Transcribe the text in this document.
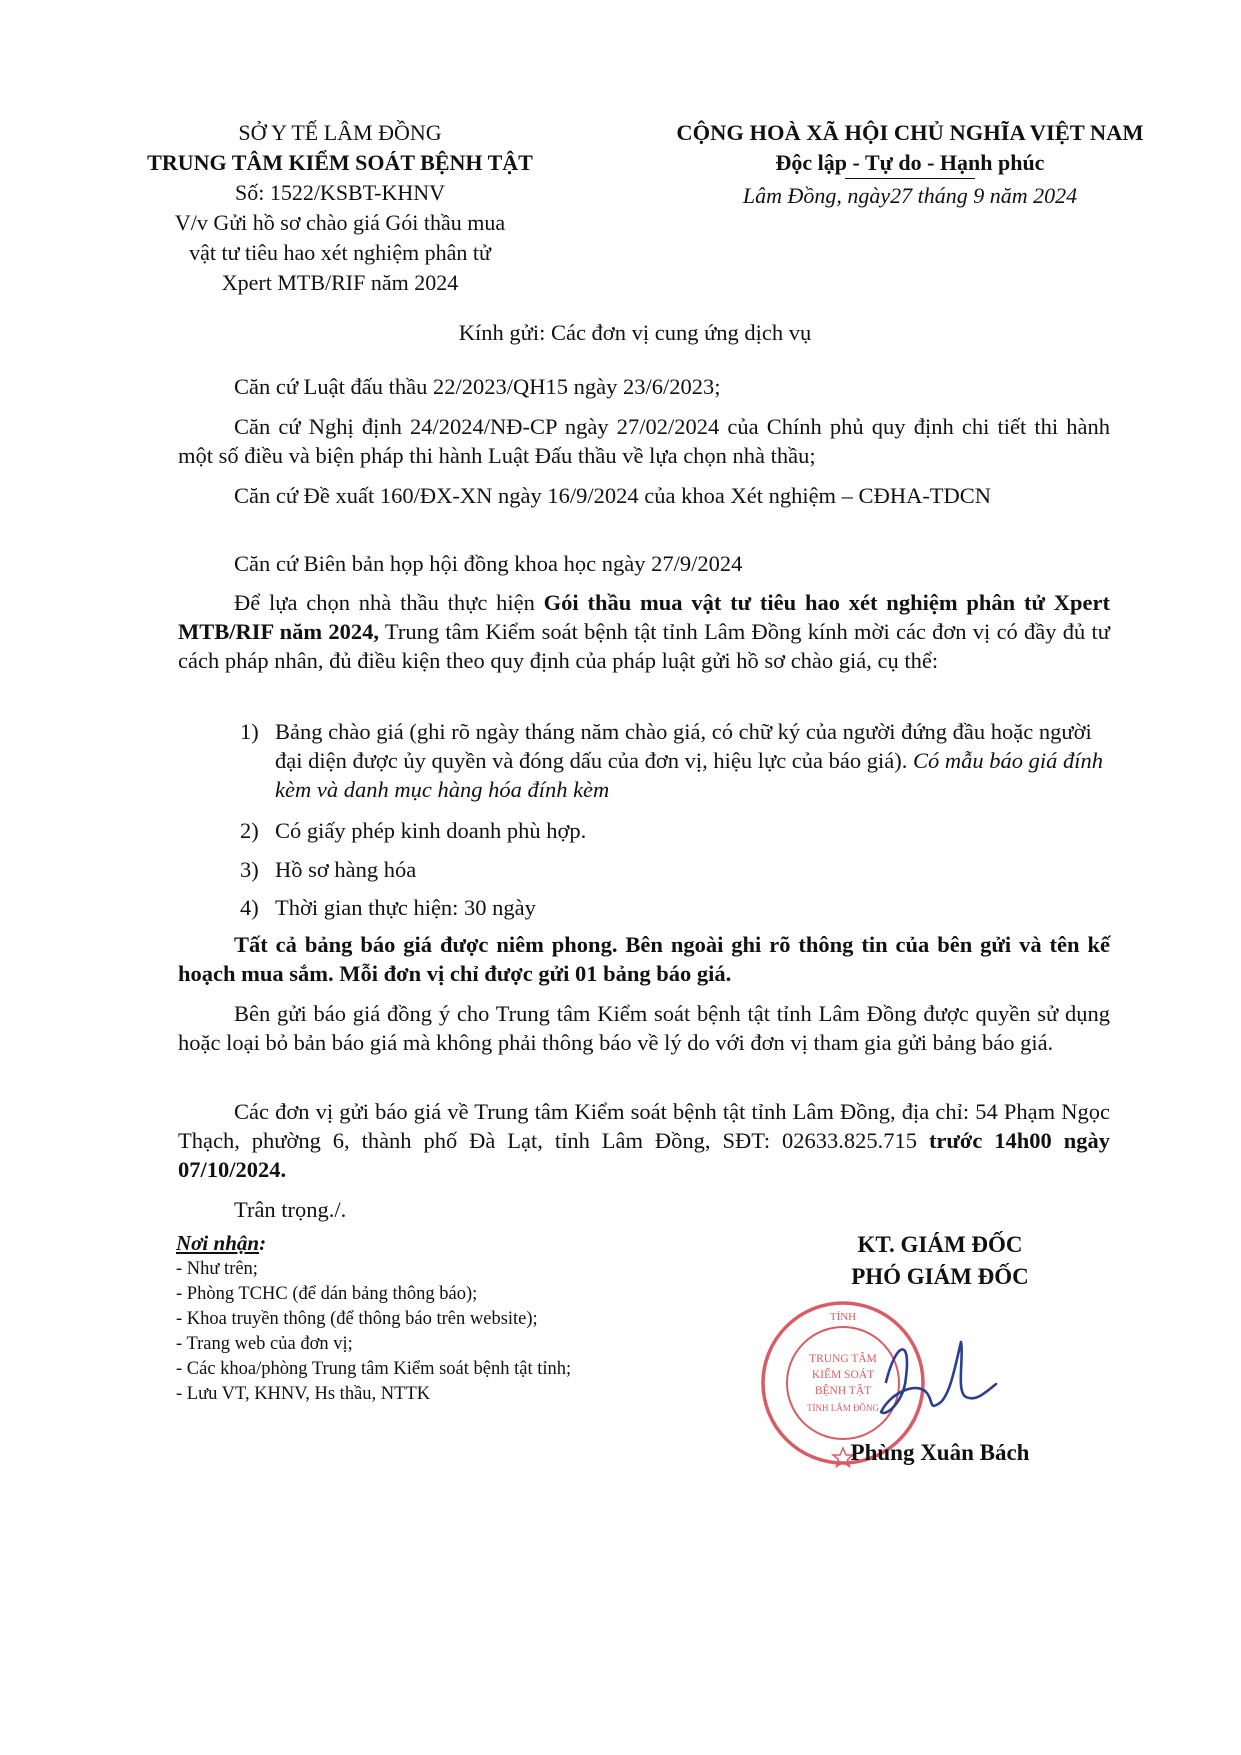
SỞ Y TẾ LÂM ĐỒNG
TRUNG TÂM KIỂM SOÁT BỆNH TẬT
Số: 1522/KSBT-KHNV
V/v Gửi hồ sơ chào giá Gói thầu mua
vật tư tiêu hao xét nghiệm phân tử
Xpert MTB/RIF năm 2024
CỘNG HOÀ XÃ HỘI CHỦ NGHĨA VIỆT NAM
Độc lập - Tự do - Hạnh phúc
Lâm Đồng, ngày27 tháng 9 năm 2024
Kính gửi: Các đơn vị cung ứng dịch vụ
Căn cứ Luật đấu thầu 22/2023/QH15 ngày 23/6/2023;
Căn cứ Nghị định 24/2024/NĐ-CP ngày 27/02/2024 của Chính phủ quy định chi tiết thi hành một số điều và biện pháp thi hành Luật Đấu thầu về lựa chọn nhà thầu;
Căn cứ Đề xuất 160/ĐX-XN ngày 16/9/2024 của khoa Xét nghiệm – CĐHA-TDCN
Căn cứ Biên bản họp hội đồng khoa học ngày 27/9/2024
Để lựa chọn nhà thầu thực hiện Gói thầu mua vật tư tiêu hao xét nghiệm phân tử Xpert MTB/RIF năm 2024, Trung tâm Kiểm soát bệnh tật tỉnh Lâm Đồng kính mời các đơn vị có đầy đủ tư cách pháp nhân, đủ điều kiện theo quy định của pháp luật gửi hồ sơ chào giá, cụ thể:
1) Bảng chào giá (ghi rõ ngày tháng năm chào giá, có chữ ký của người đứng đầu hoặc người đại diện được ủy quyền và đóng dấu của đơn vị, hiệu lực của báo giá). Có mẫu báo giá đính kèm và danh mục hàng hóa đính kèm
2) Có giấy phép kinh doanh phù hợp.
3) Hồ sơ hàng hóa
4) Thời gian thực hiện: 30 ngày
Tất cả bảng báo giá được niêm phong. Bên ngoài ghi rõ thông tin của bên gửi và tên kế hoạch mua sắm. Mỗi đơn vị chỉ được gửi 01 bảng báo giá.
Bên gửi báo giá đồng ý cho Trung tâm Kiểm soát bệnh tật tỉnh Lâm Đồng được quyền sử dụng hoặc loại bỏ bản báo giá mà không phải thông báo về lý do với đơn vị tham gia gửi bảng báo giá.
Các đơn vị gửi báo giá về Trung tâm Kiểm soát bệnh tật tỉnh Lâm Đồng, địa chỉ: 54 Phạm Ngọc Thạch, phường 6, thành phố Đà Lạt, tỉnh Lâm Đồng, SĐT: 02633.825.715 trước 14h00 ngày 07/10/2024.
Trân trọng./.
Nơi nhận:
- Như trên;
- Phòng TCHC (để dán bảng thông báo);
- Khoa truyền thông (để thông báo trên website);
- Trang web của đơn vị;
- Các khoa/phòng Trung tâm Kiểm soát bệnh tật tỉnh;
- Lưu VT, KHNV, Hs thầu, NTTK
KT. GIÁM ĐỐC
PHÓ GIÁM ĐỐC
TỈNH
TRUNG TÂM
KIỂM SOÁT
BỆNH TẬT
TỈNH LÂM ĐỒNG
Phùng Xuân Bách
